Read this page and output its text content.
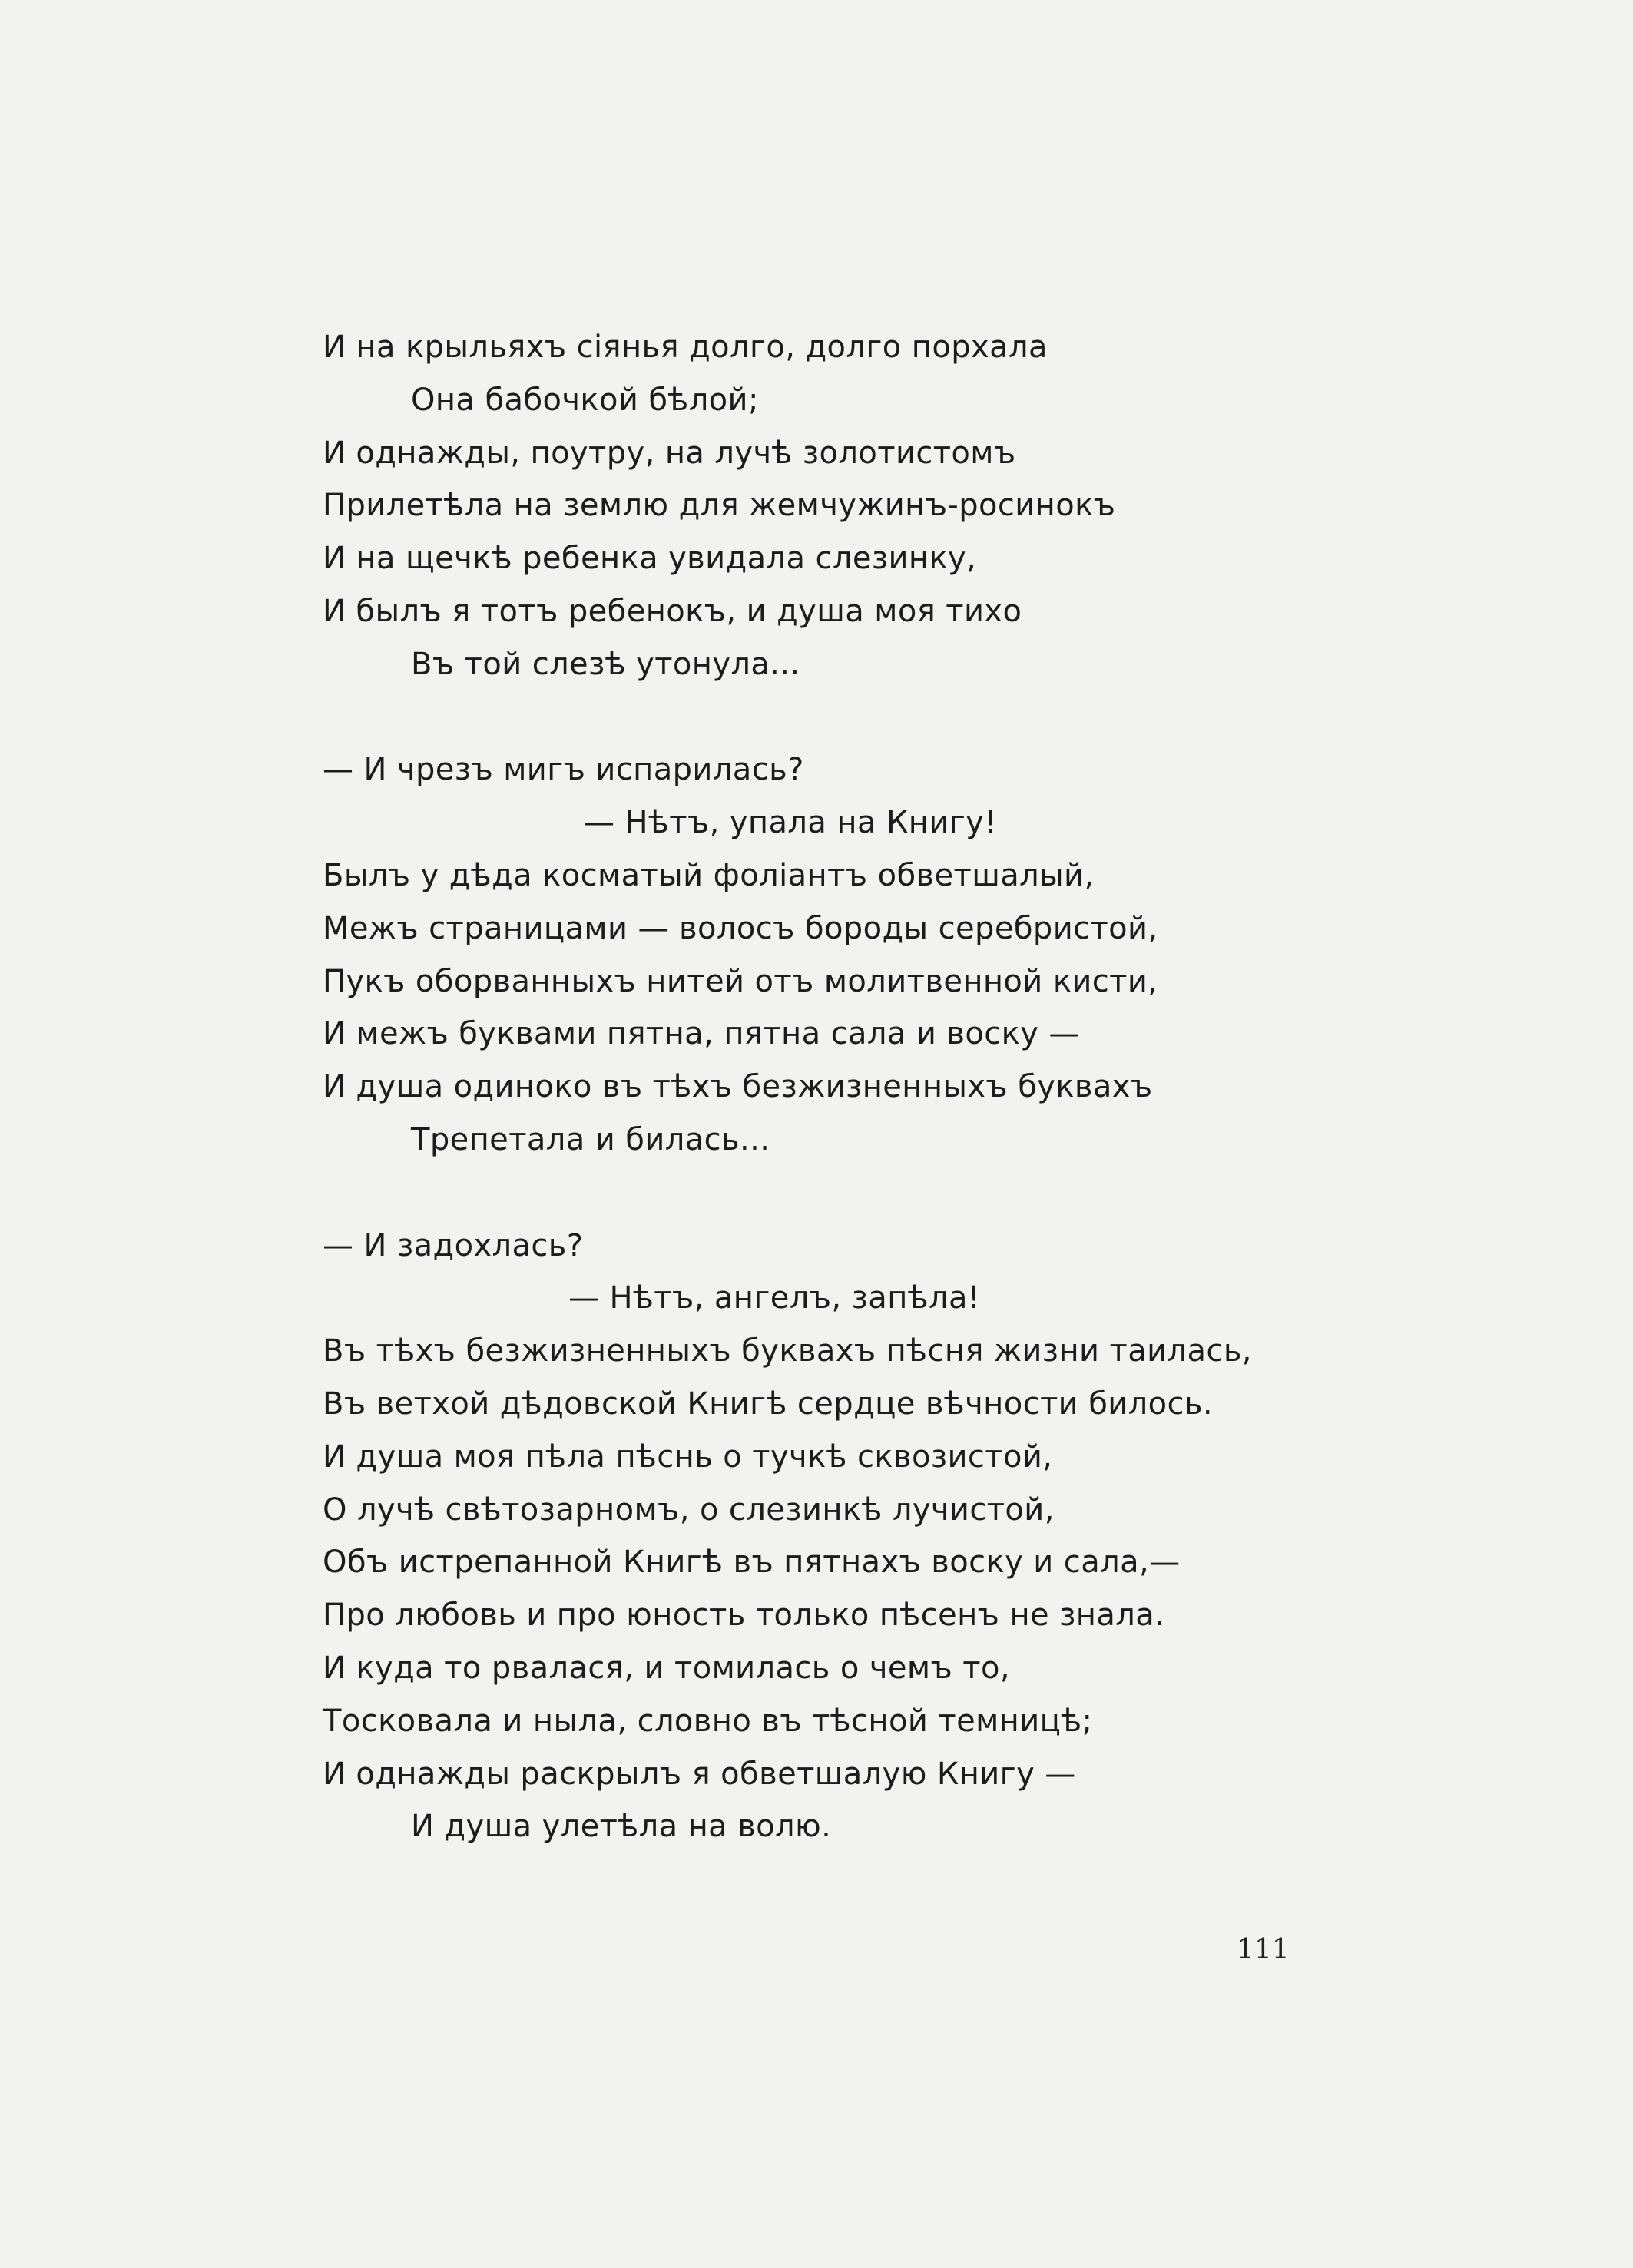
И на крыльяхъ сіянья долго, долго порхала
Она бабочкой бѣлой;
И однажды, поутру, на лучѣ золотистомъ
Прилетѣла на землю для жемчужинъ-росинокъ
И на щечкѣ ребенка увидала слезинку,
И былъ я тотъ ребенокъ, и душа моя тихо
Въ той слезѣ утонула...
— И чрезъ мигъ испарилась?
— Нѣтъ, упала на Книгу!
Былъ у дѣда косматый фоліантъ обветшалый,
Межъ страницами — волосъ бороды серебристой,
Пукъ оборванныхъ нитей отъ молитвенной кисти,
И межъ буквами пятна, пятна сала и воску —
И душа одиноко въ тѣхъ безжизненныхъ буквахъ
Трепетала и билась...
— И задохлась?
— Нѣтъ, ангелъ, запѣла!
Въ тѣхъ безжизненныхъ буквахъ пѣсня жизни таилась,
Въ ветхой дѣдовской Книгѣ сердце вѣчности билось.
И душа моя пѣла пѣснь о тучкѣ сквозистой,
О лучѣ свѣтозарномъ, о слезинкѣ лучистой,
Объ истрепанной Книгѣ въ пятнахъ воску и сала,—
Про любовь и про юность только пѣсенъ не знала.
И куда то рвалася, и томилась о чемъ то,
Тосковала и ныла, словно въ тѣсной темницѣ;
И однажды раскрылъ я обветшалую Книгу —
И душа улетѣла на волю.
111
